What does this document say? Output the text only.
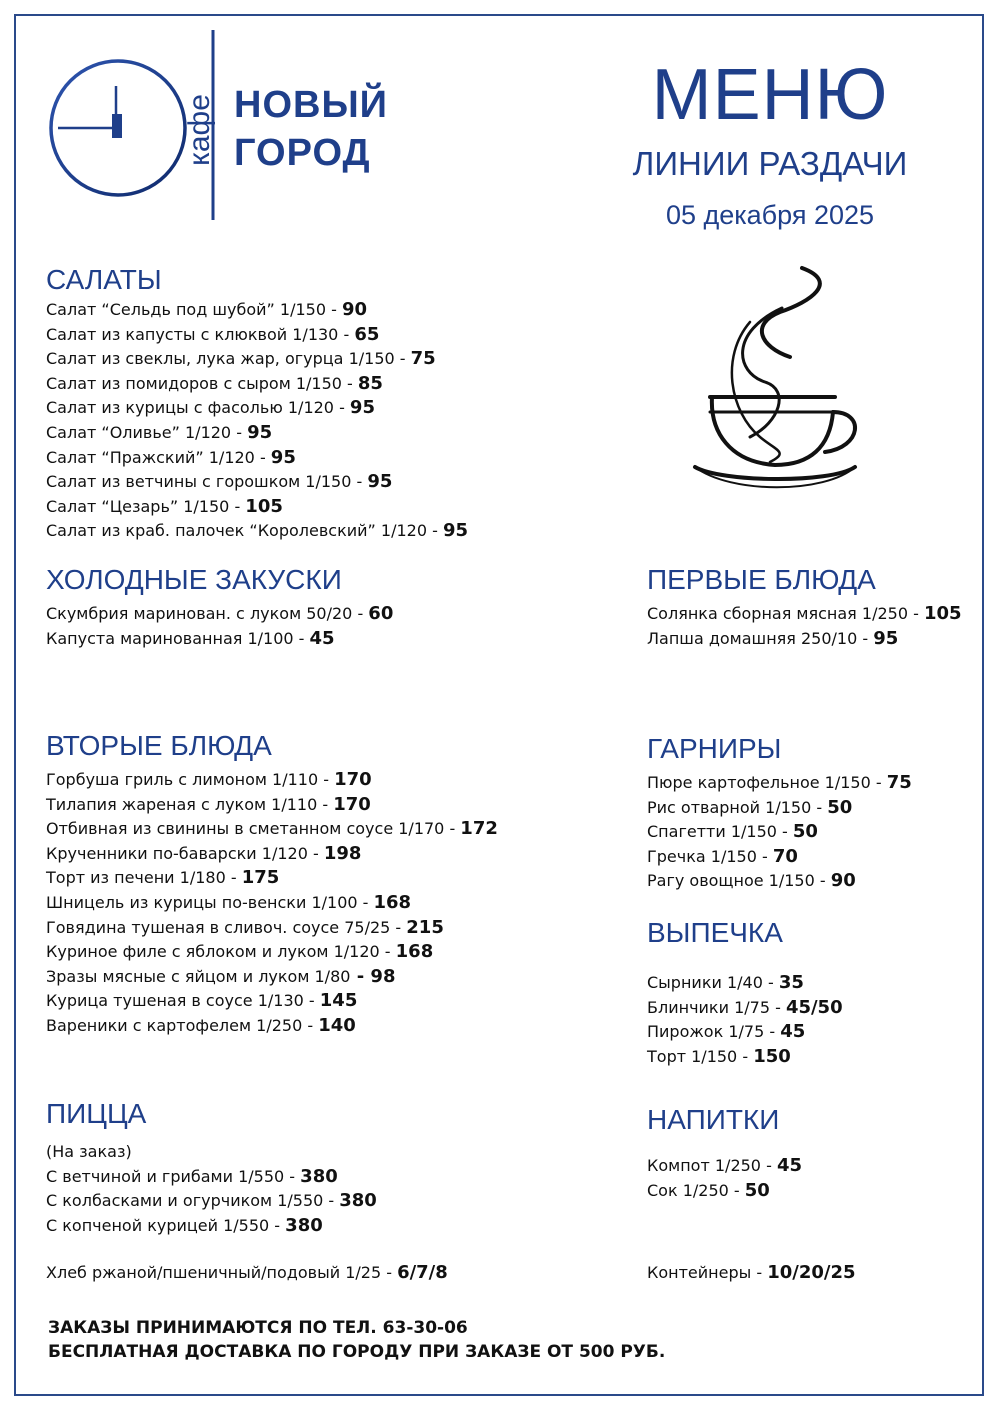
кафе НОВЫЙ
ГОРОД
МЕНЮ
ЛИНИИ РАЗДАЧИ
05 декабря 2025
САЛАТЫ
Салат “Сельдь под шубой” 1/150 - 90
Салат из капусты с клюквой 1/130 - 65
Салат из свеклы, лука жар, огурца 1/150 - 75
Салат из помидоров с сыром 1/150 - 85
Салат из курицы с фасолью 1/120 - 95
Салат “Оливье” 1/120 - 95
Салат “Пражский” 1/120 - 95
Салат из ветчины с горошком 1/150 - 95
Салат “Цезарь” 1/150 - 105
Салат из краб. палочек “Королевский” 1/120 - 95
ХОЛОДНЫЕ ЗАКУСКИ
Скумбрия маринован. с луком 50/20 - 60
Капуста маринованная 1/100 - 45
ПЕРВЫЕ БЛЮДА
Солянка сборная мясная 1/250 - 105
Лапша домашняя 250/10 - 95
ВТОРЫЕ БЛЮДА
Горбуша гриль с лимоном 1/110 - 170
Тилапия жареная с луком 1/110 - 170
Отбивная из свинины в сметанном соусе 1/170 - 172
Крученники по-баварски 1/120 - 198
Торт из печени 1/180 - 175
Шницель из курицы по-венски 1/100 - 168
Говядина тушеная в сливоч. соусе 75/25 - 215
Куриное филе с яблоком и луком 1/120 - 168
Зразы мясные с яйцом и луком 1/80 - 98
Курица тушеная в соусе 1/130 - 145
Вареники с картофелем 1/250 - 140
ГАРНИРЫ
Пюре картофельное 1/150 - 75
Рис отварной 1/150 - 50
Спагетти 1/150 - 50
Гречка 1/150 - 70
Рагу овощное 1/150 - 90
ВЫПЕЧКА
Сырники 1/40 - 35
Блинчики 1/75 - 45/50
Пирожок 1/75 - 45
Торт 1/150 - 150
ПИЦЦА
(На заказ)
С ветчиной и грибами 1/550 - 380
С колбасками и огурчиком 1/550 - 380
С копченой курицей 1/550 - 380
НАПИТКИ
Компот 1/250 - 45
Сок 1/250 - 50
Хлеб ржаной/пшеничный/подовый 1/25 - 6/7/8	Контейнеры - 10/20/25
ЗАКАЗЫ ПРИНИМАЮТСЯ ПО ТЕЛ. 63-30-06
БЕСПЛАТНАЯ ДОСТАВКА ПО ГОРОДУ ПРИ ЗАКАЗЕ ОТ 500 РУБ.
